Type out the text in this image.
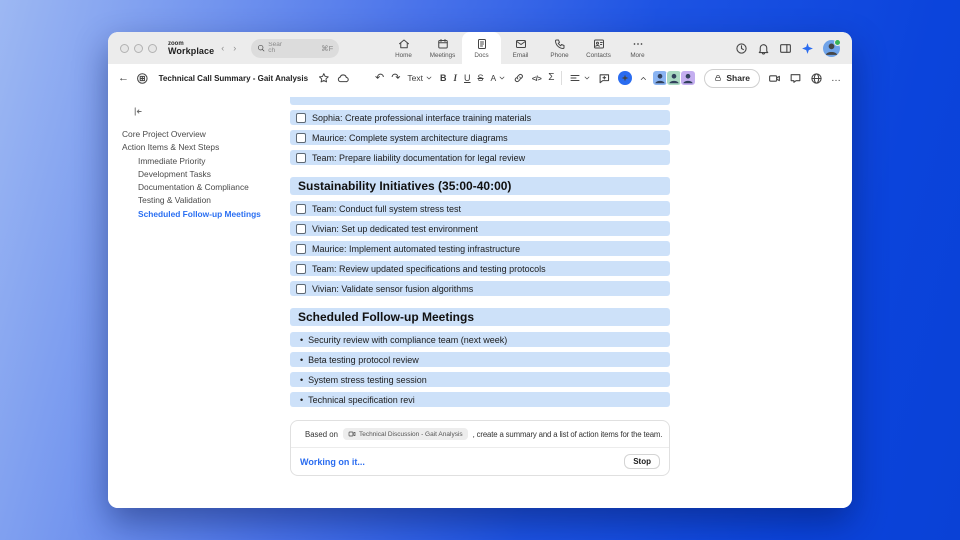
zoom
Workplace ‹ ›	Search	⌘F
Home	Meetings	Docs	Email	Phone	Contacts	More
←	Technical Call Summary - Gait Analysis	↶ ↷ Text B I U S A	</> Σ	Share	…
Core Project Overview
Action Items & Next Steps
Immediate Priority
Development Tasks
Documentation & Compliance
Testing & Validation
Scheduled Follow-up Meetings
Sophia: Create professional interface training materials
Maurice: Complete system architecture diagrams
Team: Prepare liability documentation for legal review
Sustainability Initiatives (35:00-40:00)
Team: Conduct full system stress test
Vivian: Set up dedicated test environment
Maurice: Implement automated testing infrastructure
Team: Review updated specifications and testing protocols
Vivian: Validate sensor fusion algorithms
Scheduled Follow-up Meetings
•
Security review with compliance team (next week)
•
Beta testing protocol review
•
System stress testing session
•
Technical specification revi
Based on	Technical Discussion - Gait Analysis , create a summary and a list of action items for the team.
Working on it...	Stop
